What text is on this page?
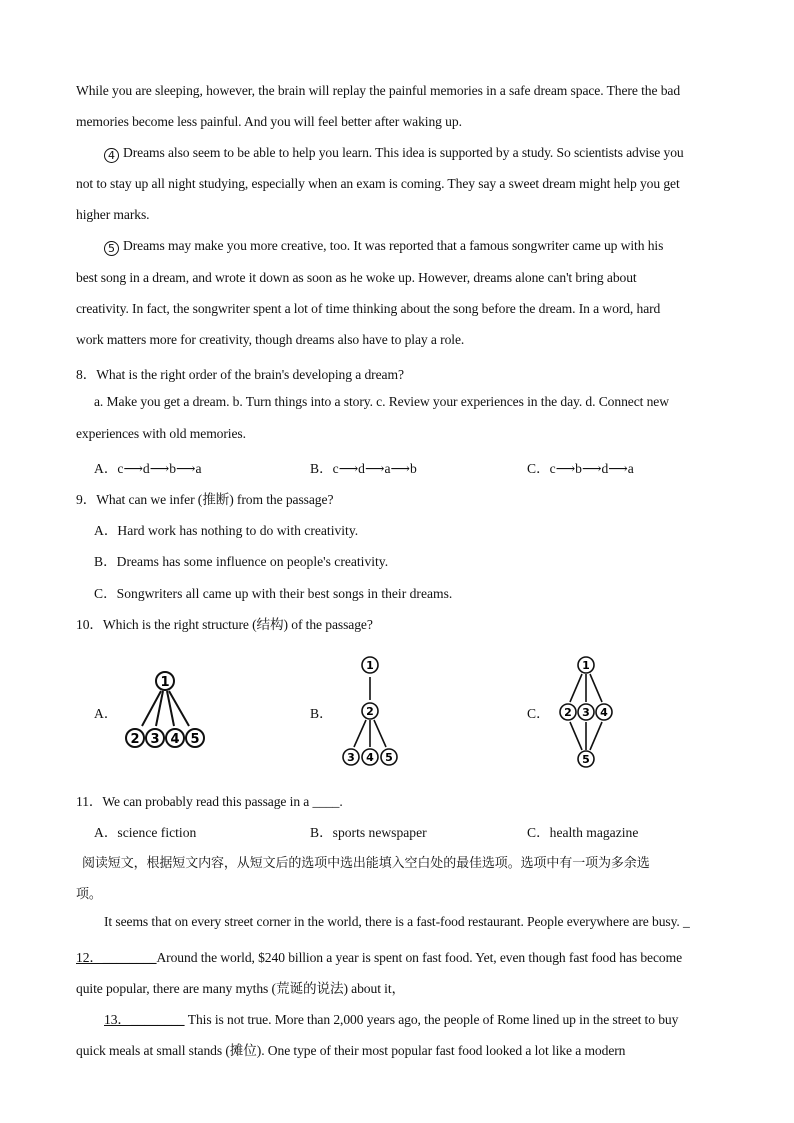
While you are sleeping, however, the brain will replay the painful memories in a safe dream space. There the bad
memories become less painful. And you will feel better after waking up.
4 Dreams also seem to be able to help you learn. This idea is supported by a study. So scientists advise you
not to stay up all night studying, especially when an exam is coming. They say a sweet dream might help you get
higher marks.
5 Dreams may make you more creative, too. It was reported that a famous songwriter came up with his
best song in a dream, and wrote it down as soon as he woke up. However, dreams alone can't bring about
creativity. In fact, the songwriter spent a lot of time thinking about the song before the dream. In a word, hard
work matters more for creativity, though dreams also have to play a role.
8．What is the right order of the brain's developing a dream?
a. Make you get a dream. b. Turn things into a story. c. Review your experiences in the day. d. Connect new
experiences with old memories.
A．c⟶d⟶b⟶a	B．c⟶d⟶a⟶b	C．c⟶b⟶d⟶a
9．What can we infer (推断) from the passage?
A．Hard work has nothing to do with creativity.
B．Dreams has some influence on people's creativity.
C．Songwriters all came up with their best songs in their dreams.
10．Which is the right structure (结构) of the passage?
A．
1
2 3 4 5
B．
1
2
3 4 5
C．
1
2 3 4
5
11．We can probably read this passage in a ____.
A．science fiction	B．sports newspaper	C．health magazine
阅读短文，根据短文内容，从短文后的选项中选出能填入空白处的最佳选项。选项中有一项为多余选
项。
It seems that on every street corner in the world, there is a fast-food restaurant. People everywhere are busy. _
12．________Around the world, $240 billion a year is spent on fast food. Yet, even though fast food has become
quite popular, there are many myths (荒诞的说法) about it，
13．________ This is not true. More than 2,000 years ago, the people of Rome lined up in the street to buy
quick meals at small stands (摊位). One type of their most popular fast food looked a lot like a modern
